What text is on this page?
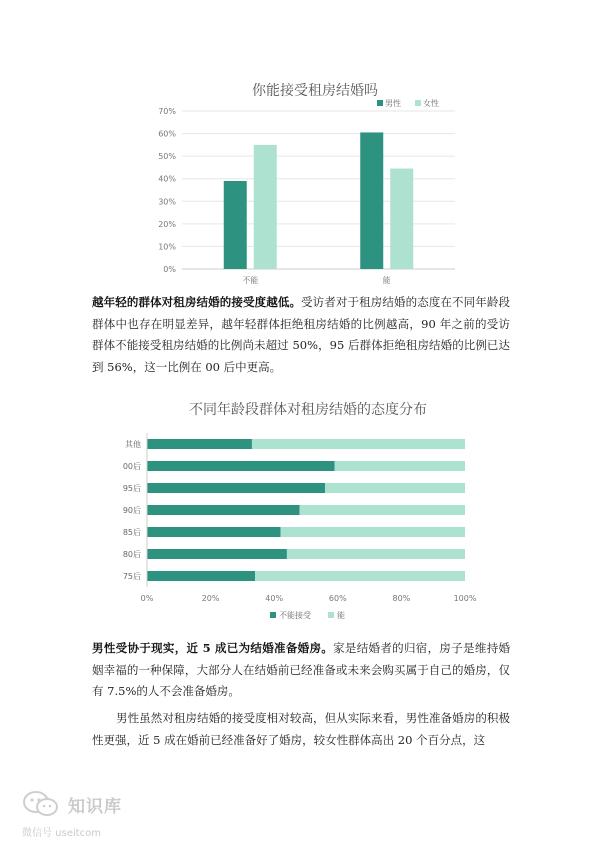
你能接受租房结婚吗
0%
10%
20%
30%
40%
50%
60%
70%
不能	能
男性	女性

越年轻的群体对租房结婚的接受度越低。受访者对于租房结婚的态度在不同年龄段群体中也存在明显差异，越年轻群体拒绝租房结婚的比例越高，90 年之前的受访群体不能接受租房结婚的比例尚未超过 50%，95 后群体拒绝租房结婚的比例已达到 56%，这一比例在 00 后中更高。

不同年龄段群体对租房结婚的态度分布
其他
00后
95后
90后
85后
80后
75后
0%	20%	40%	60%	80%	100%
不能接受	能

男性受协于现实，近 5 成已为结婚准备婚房。家是结婚者的归宿，房子是维持婚姻幸福的一种保障，大部分人在结婚前已经准备或未来会购买属于自己的婚房，仅有 7.5%的人不会准备婚房。

男性虽然对租房结婚的接受度相对较高，但从实际来看，男性准备婚房的积极性更强，近 5 成在婚前已经准备好了婚房，较女性群体高出 20 个百分点，这

知识库
微信号 useitcom
